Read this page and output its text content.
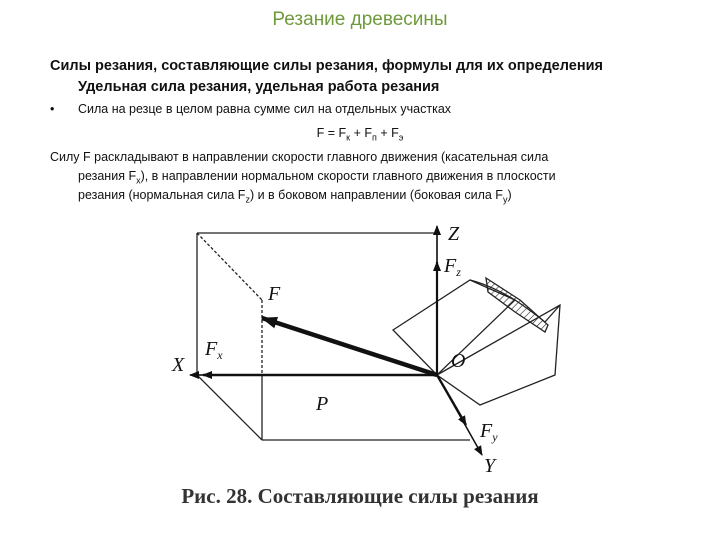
Резание древесины
Силы резания, составляющие силы резания, формулы для их определения
Удельная сила резания, удельная работа резания
• Сила на резце в целом равна сумме сил на отдельных участках
$F = F_к + F_п + F_э$
Силу F раскладывают в направлении скорости главного движения (касательная сила
резания $F_x$), в направлении нормальном скорости главного движения в плоскости
резания (нормальная сила $F_z$) и в боковом направлении (боковая сила $F_y$)
Z
$F_z$
F
X
$F_x$	O
P
$F_y$
Y
Рис. 28. Составляющие силы резания
